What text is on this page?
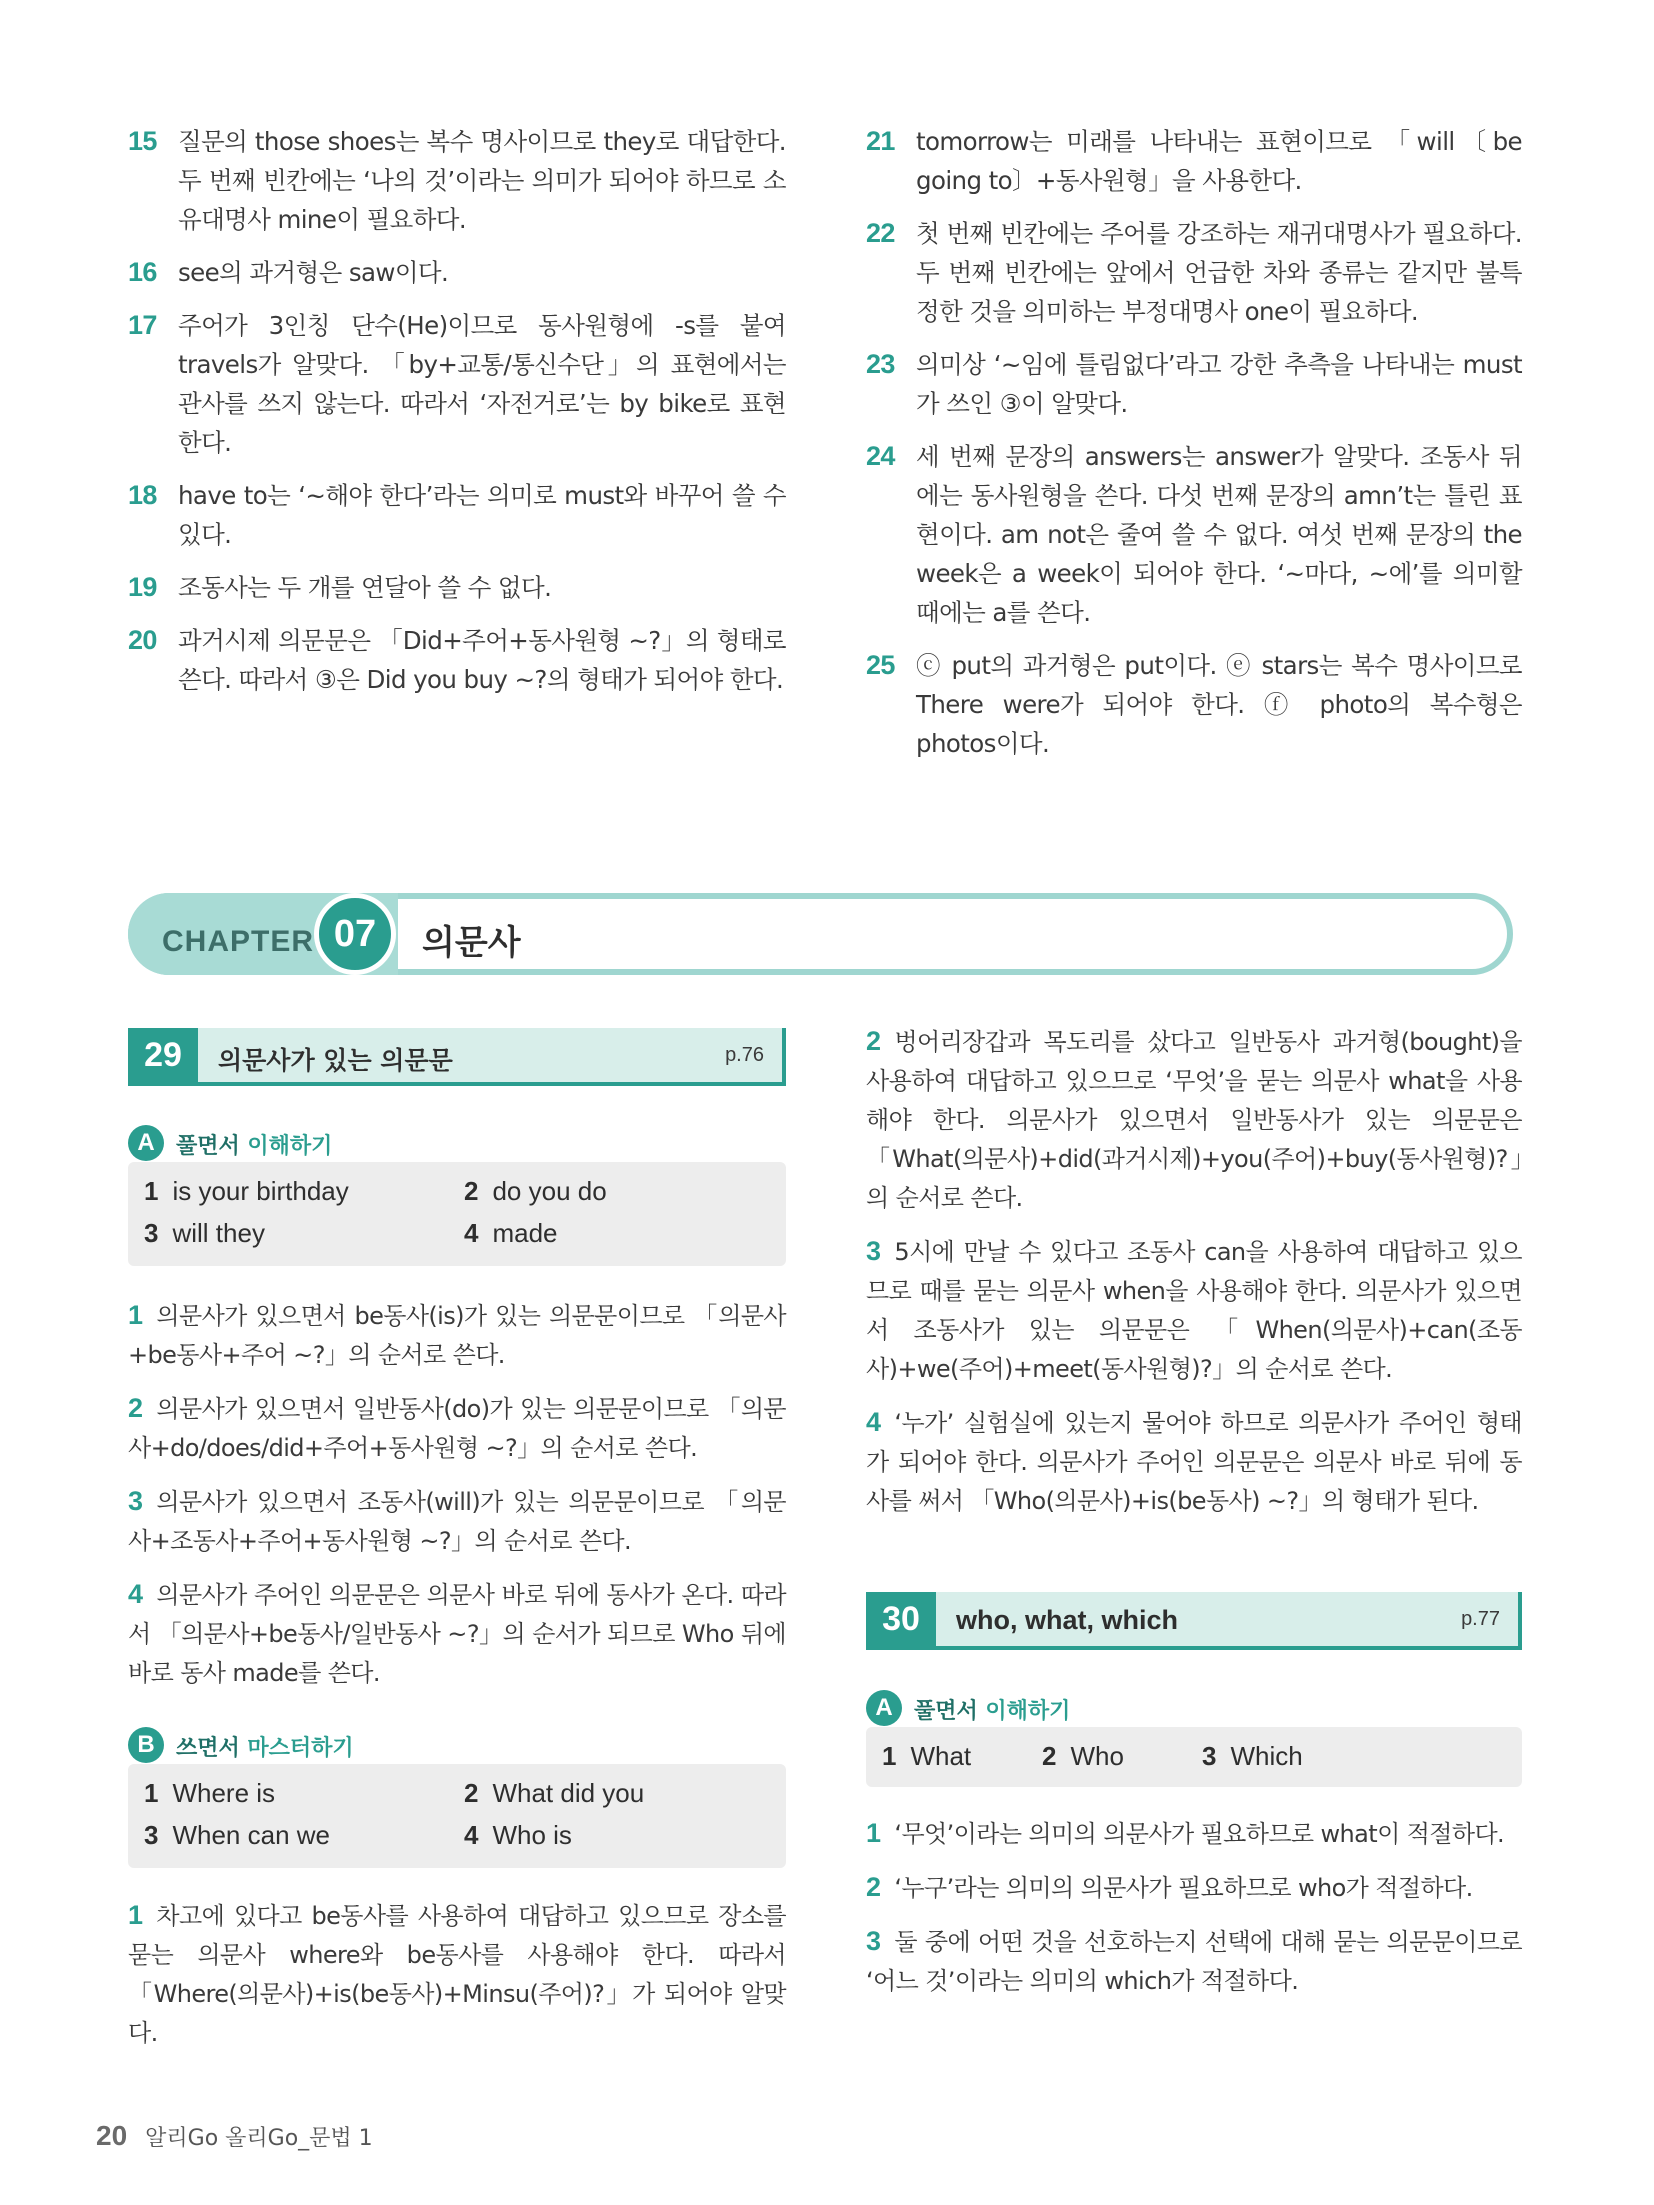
15 질문의 those shoes는 복수 명사이므로 they로 대답한다. 두 번째 빈칸에는 ‘나의 것’이라는 의미가 되어야 하므로 소유대명사 mine이 필요하다.
16 see의 과거형은 saw이다.
17 주어가 3인칭 단수(He)이므로 동사원형에 -s를 붙여 travels가 알맞다. 「by+교통/통신수단」의 표현에서는 관사를 쓰지 않는다. 따라서 ‘자전거로’는 by bike로 표현한다.
18 have to는 ‘~해야 한다’라는 의미로 must와 바꾸어 쓸 수 있다.
19 조동사는 두 개를 연달아 쓸 수 없다.
20 과거시제 의문문은 「Did+주어+동사원형 ~?」의 형태로 쓴다. 따라서 ③은 Did you buy ~?의 형태가 되어야 한다.
21 tomorrow는 미래를 나타내는 표현이므로 「will〔be going to〕+동사원형」을 사용한다.
22 첫 번째 빈칸에는 주어를 강조하는 재귀대명사가 필요하다. 두 번째 빈칸에는 앞에서 언급한 차와 종류는 같지만 불특정한 것을 의미하는 부정대명사 one이 필요하다.
23 의미상 ‘~임에 틀림없다’라고 강한 추측을 나타내는 must가 쓰인 ③이 알맞다.
24 세 번째 문장의 answers는 answer가 알맞다. 조동사 뒤에는 동사원형을 쓴다. 다섯 번째 문장의 amn’t는 틀린 표현이다. am not은 줄여 쓸 수 없다. 여섯 번째 문장의 the week은 a week이 되어야 한다. ‘~마다, ~에’를 의미할 때에는 a를 쓴다.
25 ⓒ put의 과거형은 put이다. ⓔ stars는 복수 명사이므로 There were가 되어야 한다. ⓕ photo의 복수형은 photos이다.
CHAPTER 07	의문사
29	의문사가 있는 의문문	p.76
A 풀면서 이해하기
1 is your birthday	2 do you do
3 will they	4 made
1 의문사가 있으면서 be동사(is)가 있는 의문문이므로 「의문사+be동사+주어 ~?」의 순서로 쓴다.
2 의문사가 있으면서 일반동사(do)가 있는 의문문이므로 「의문사+do/does/did+주어+동사원형 ~?」의 순서로 쓴다.
3 의문사가 있으면서 조동사(will)가 있는 의문문이므로 「의문사+조동사+주어+동사원형 ~?」의 순서로 쓴다.
4 의문사가 주어인 의문문은 의문사 바로 뒤에 동사가 온다. 따라서 「의문사+be동사/일반동사 ~?」의 순서가 되므로 Who 뒤에 바로 동사 made를 쓴다.
B 쓰면서 마스터하기
1 Where is	2 What did you
3 When can we	4 Who is
1 차고에 있다고 be동사를 사용하여 대답하고 있으므로 장소를 묻는 의문사 where와 be동사를 사용해야 한다. 따라서 「Where(의문사)+is(be동사)+Minsu(주어)?」가 되어야 알맞다.
2 벙어리장갑과 목도리를 샀다고 일반동사 과거형(bought)을 사용하여 대답하고 있으므로 ‘무엇’을 묻는 의문사 what을 사용해야 한다. 의문사가 있으면서 일반동사가 있는 의문문은 「What(의문사)+did(과거시제)+you(주어)+buy(동사원형)?」의 순서로 쓴다.
3 5시에 만날 수 있다고 조동사 can을 사용하여 대답하고 있으므로 때를 묻는 의문사 when을 사용해야 한다. 의문사가 있으면서 조동사가 있는 의문문은 「When(의문사)+can(조동사)+we(주어)+meet(동사원형)?」의 순서로 쓴다.
4 ‘누가’ 실험실에 있는지 물어야 하므로 의문사가 주어인 형태가 되어야 한다. 의문사가 주어인 의문문은 의문사 바로 뒤에 동사를 써서 「Who(의문사)+is(be동사) ~?」의 형태가 된다.
30	who, what, which	p.77
A 풀면서 이해하기
1 What	2 Who	3 Which
1 ‘무엇’이라는 의미의 의문사가 필요하므로 what이 적절하다.
2 ‘누구’라는 의미의 의문사가 필요하므로 who가 적절하다.
3 둘 중에 어떤 것을 선호하는지 선택에 대해 묻는 의문문이므로 ‘어느 것’이라는 의미의 which가 적절하다.
20 알리Go 올리Go_문법 1
